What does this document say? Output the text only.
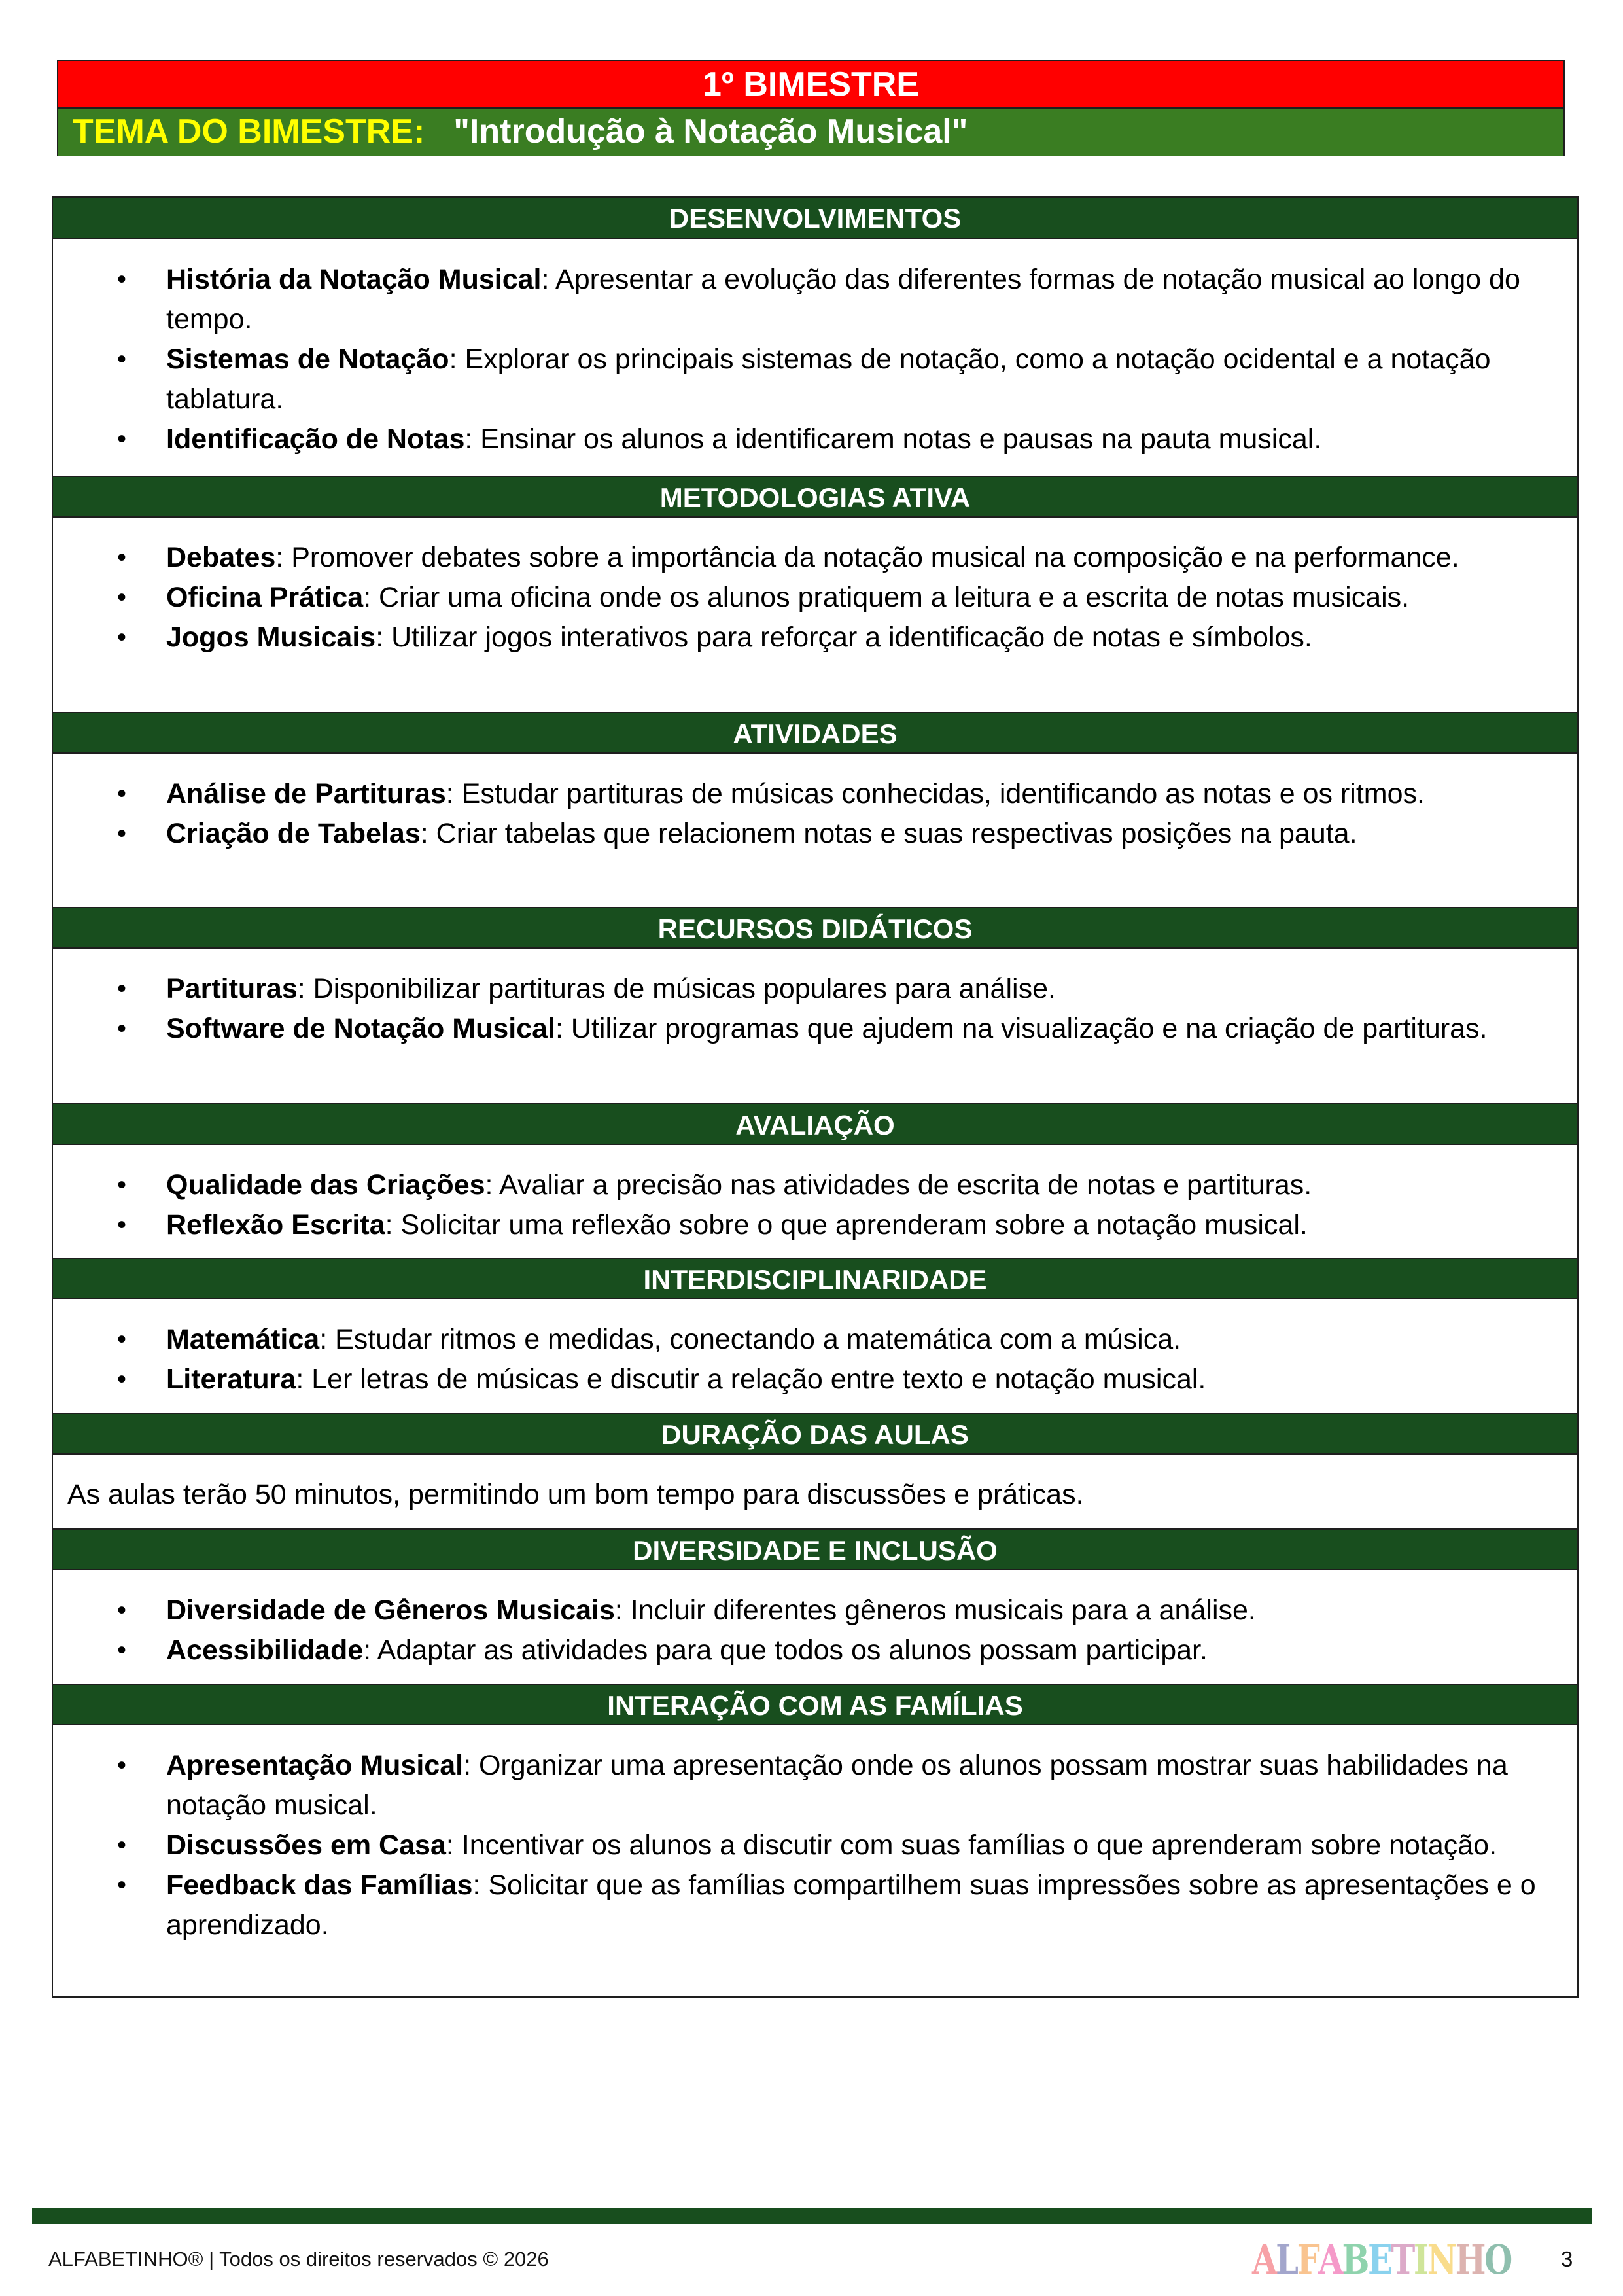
1º BIMESTRE
TEMA DO BIMESTRE: "Introdução à Notação Musical"
DESENVOLVIMENTOS
• História da Notação Musical: Apresentar a evolução das diferentes formas de notação musical ao longo do tempo.
• Sistemas de Notação: Explorar os principais sistemas de notação, como a notação ocidental e a notação tablatura.
• Identificação de Notas: Ensinar os alunos a identificarem notas e pausas na pauta musical.
METODOLOGIAS ATIVA
• Debates: Promover debates sobre a importância da notação musical na composição e na performance.
• Oficina Prática: Criar uma oficina onde os alunos pratiquem a leitura e a escrita de notas musicais.
• Jogos Musicais: Utilizar jogos interativos para reforçar a identificação de notas e símbolos.
ATIVIDADES
• Análise de Partituras: Estudar partituras de músicas conhecidas, identificando as notas e os ritmos.
• Criação de Tabelas: Criar tabelas que relacionem notas e suas respectivas posições na pauta.
RECURSOS DIDÁTICOS
• Partituras: Disponibilizar partituras de músicas populares para análise.
• Software de Notação Musical: Utilizar programas que ajudem na visualização e na criação de partituras.
AVALIAÇÃO
• Qualidade das Criações: Avaliar a precisão nas atividades de escrita de notas e partituras.
• Reflexão Escrita: Solicitar uma reflexão sobre o que aprenderam sobre a notação musical.
INTERDISCIPLINARIDADE
• Matemática: Estudar ritmos e medidas, conectando a matemática com a música.
• Literatura: Ler letras de músicas e discutir a relação entre texto e notação musical.
DURAÇÃO DAS AULAS

As aulas terão 50 minutos, permitindo um bom tempo para discussões e práticas.

DIVERSIDADE E INCLUSÃO
• Diversidade de Gêneros Musicais: Incluir diferentes gêneros musicais para a análise.
• Acessibilidade: Adaptar as atividades para que todos os alunos possam participar.
INTERAÇÃO COM AS FAMÍLIAS
• Apresentação Musical: Organizar uma apresentação onde os alunos possam mostrar suas habilidades na notação musical.
• Discussões em Casa: Incentivar os alunos a discutir com suas famílias o que aprenderam sobre notação.
• Feedback das Famílias: Solicitar que as famílias compartilhem suas impressões sobre as apresentações e o aprendizado.
ALFABETINHO® | Todos os direitos reservados © 2026	ALFABETINHO 3
